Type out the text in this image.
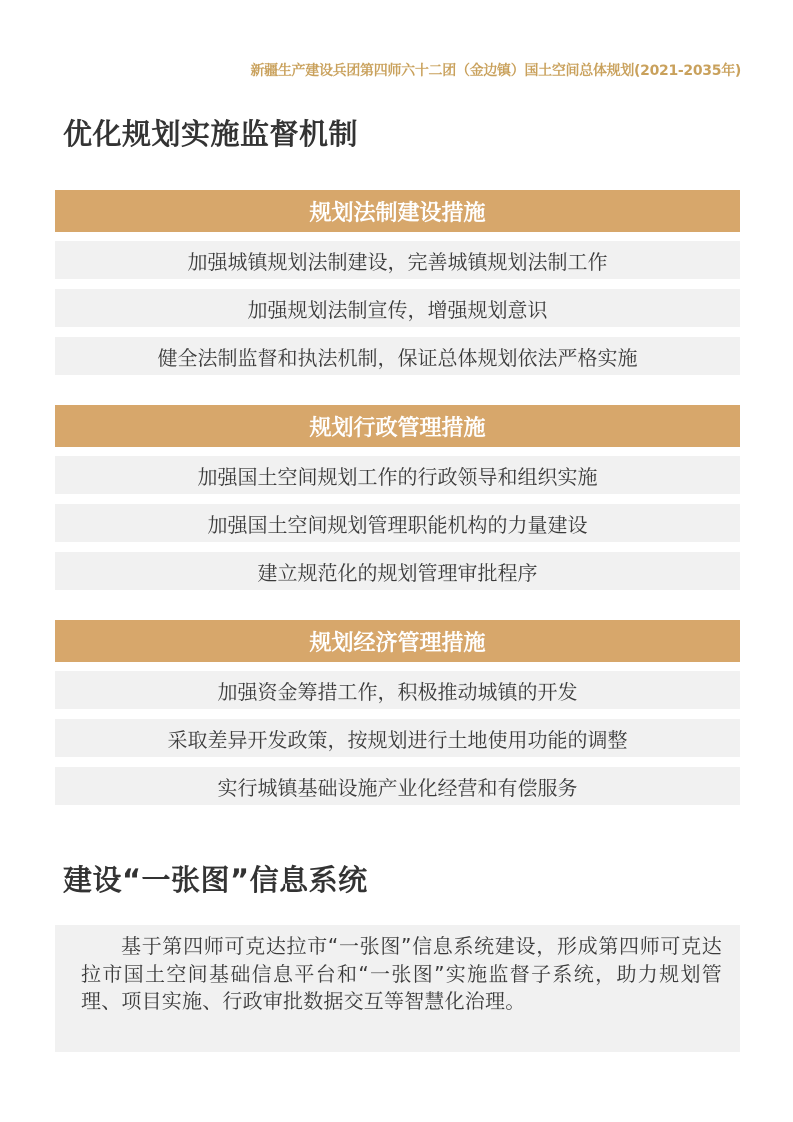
新疆生产建设兵团第四师六十二团（金边镇）国土空间总体规划(2021-2035年)
优化规划实施监督机制
规划法制建设措施
加强城镇规划法制建设，完善城镇规划法制工作
加强规划法制宣传，增强规划意识
健全法制监督和执法机制，保证总体规划依法严格实施
规划行政管理措施
加强国土空间规划工作的行政领导和组织实施
加强国土空间规划管理职能机构的力量建设
建立规范化的规划管理审批程序
规划经济管理措施
加强资金筹措工作，积极推动城镇的开发
采取差异开发政策，按规划进行土地使用功能的调整
实行城镇基础设施产业化经营和有偿服务
建设“一张图”信息系统

基于第四师可克达拉市“一张图”信息系统建设，形成第四师可克达拉市国土空间基础信息平台和“一张图”实施监督子系统，助力规划管理、项目实施、行政审批数据交互等智慧化治理。
